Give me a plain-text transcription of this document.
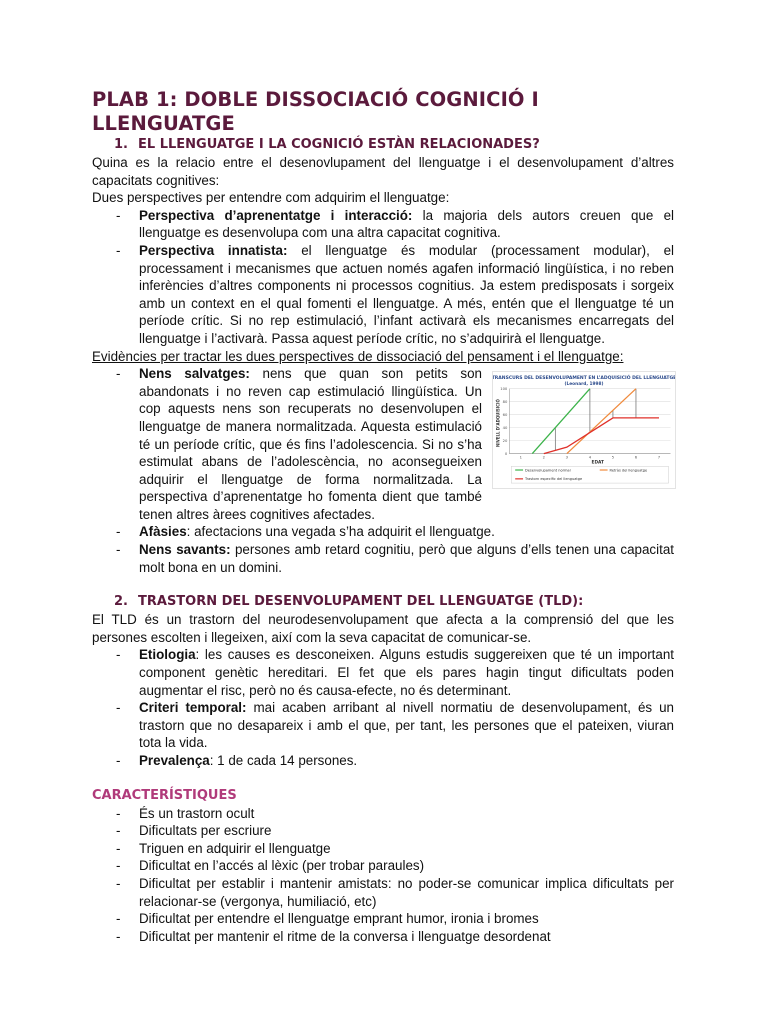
PLAB 1: DOBLE DISSOCIACIÓ COGNICIÓ I LLENGUATGE
1. EL LLENGUATGE I LA COGNICIÓ ESTÀN RELACIONADES?

Quina es la relacio entre el desenovlupament del llenguatge i el desenvolupament d’altres capacitats cognitives:

Dues perspectives per entendre com adquirim el llenguatge:

- Perspectiva d’aprenentatge i interacció: la majoria dels autors creuen que el llenguatge es desenvolupa com una altra capacitat cognitiva.
- Perspectiva innatista: el llenguatge és modular (processament modular), el processament i mecanismes que actuen només agafen informació lingüística, i no reben inferències d’altres components ni processos cognitius. Ja estem predisposats i sorgeix amb un context en el qual fomenti el llenguatge. A més, entén que el llenguatge té un període crític. Si no rep estimulació, l’infant activarà els mecanismes encarregats del llenguatge i l’activarà. Passa aquest període crític, no s’adquirirà el llenguatge.

Evidències per tractar les dues perspectives de dissociació del pensament i el llenguatge:

- TRANSCURS DEL DESENVOLUPAMENT EN L’ADQUISICIÓ DEL LLENGUATGE
(Leonard, 1998)
0
20
40
60
80
100
1	2	3	4	5	6	7
EDAT
NIVELL D’ADQUISICIÓ
Desenvolupament normal	Retràs del llenguatge
Trastorn específic del llenguatge
Nens salvatges: nens que quan son petits son abandonats i no reven cap estimulació llingüística. Un cop aquests nens son recuperats no desenvolupen el llenguatge de manera normalitzada. Aquesta estimulació té un període crític, que és fins l’adolescencia. Si no s’ha estimulat abans de l’adolescència, no aconsegueixen adquirir el llenguatge de forma normalitzada. La perspectiva d’aprenentatge ho fomenta dient que també tenen altres àrees cognitives afectades.
- Afàsies: afectacions una vegada s’ha adquirit el llenguatge.
- Nens savants: persones amb retard cognitiu, però que alguns d’ells tenen una capacitat molt bona en un domini.
2. TRASTORN DEL DESENVOLUPAMENT DEL LLENGUATGE (TLD):

El TLD és un trastorn del neurodesenvolupament que afecta a la comprensió del que les persones escolten i llegeixen, així com la seva capacitat de comunicar-se.

- Etiologia: les causes es desconeixen. Alguns estudis suggereixen que té un important component genètic hereditari. El fet que els pares hagin tingut dificultats poden augmentar el risc, però no és causa-efecte, no és determinant.
- Criteri temporal: mai acaben arribant al nivell normatiu de desenvolupament, és un trastorn que no desapareix i amb el que, per tant, les persones que el pateixen, viuran tota la vida.
- Prevalença: 1 de cada 14 persones.
CARACTERÍSTIQUES
- És un trastorn ocult
- Dificultats per escriure
- Triguen en adquirir el llenguatge
- Dificultat en l’accés al lèxic (per trobar paraules)
- Dificultat per establir i mantenir amistats: no poder-se comunicar implica dificultats per relacionar-se (vergonya, humiliació, etc)
- Dificultat per entendre el llenguatge emprant humor, ironia i bromes
- Dificultat per mantenir el ritme de la conversa i llenguatge desordenat
